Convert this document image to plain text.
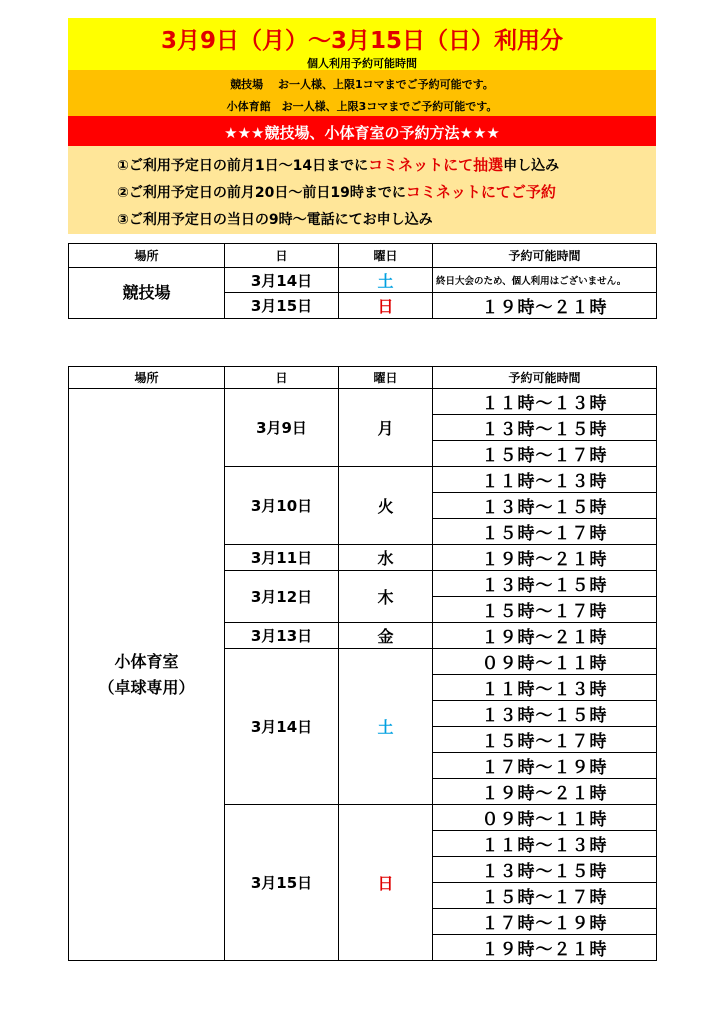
3月9日（月）～3月15日（日）利用分
個人利用予約可能時間
競技場　 お一人様、上限1コマまでご予約可能です。
小体育館　お一人様、上限3コマまでご予約可能です。
★★★競技場、小体育室の予約方法★★★
①ご利用予定日の前月1日～14日までにコミネットにて抽選申し込み
②ご利用予定日の前月20日～前日19時までにコミネットにてご予約
③ご利用予定日の当日の9時～電話にてお申し込み
場所	日	曜日	予約可能時間
競技場	3月14日	土	終日大会のため、個人利用はございません。
	3月15日	日	１９時～２１時
場所	日	曜日	予約可能時間

小体育室
（卓球専用）	3月9日	月	１１時～１３時
			１３時～１５時
			１５時～１７時
	3月10日	火	１１時～１３時
			１３時～１５時
			１５時～１７時
	3月11日	水	１９時～２１時
	3月12日	木	１３時～１５時
			１５時～１７時
	3月13日	金	１９時～２１時
	3月14日	土	０９時～１１時
			１１時～１３時
			１３時～１５時
			１５時～１７時
			１７時～１９時
			１９時～２１時
	3月15日	日	０９時～１１時
			１１時～１３時
			１３時～１５時
			１５時～１７時
			１７時～１９時
			１９時～２１時
